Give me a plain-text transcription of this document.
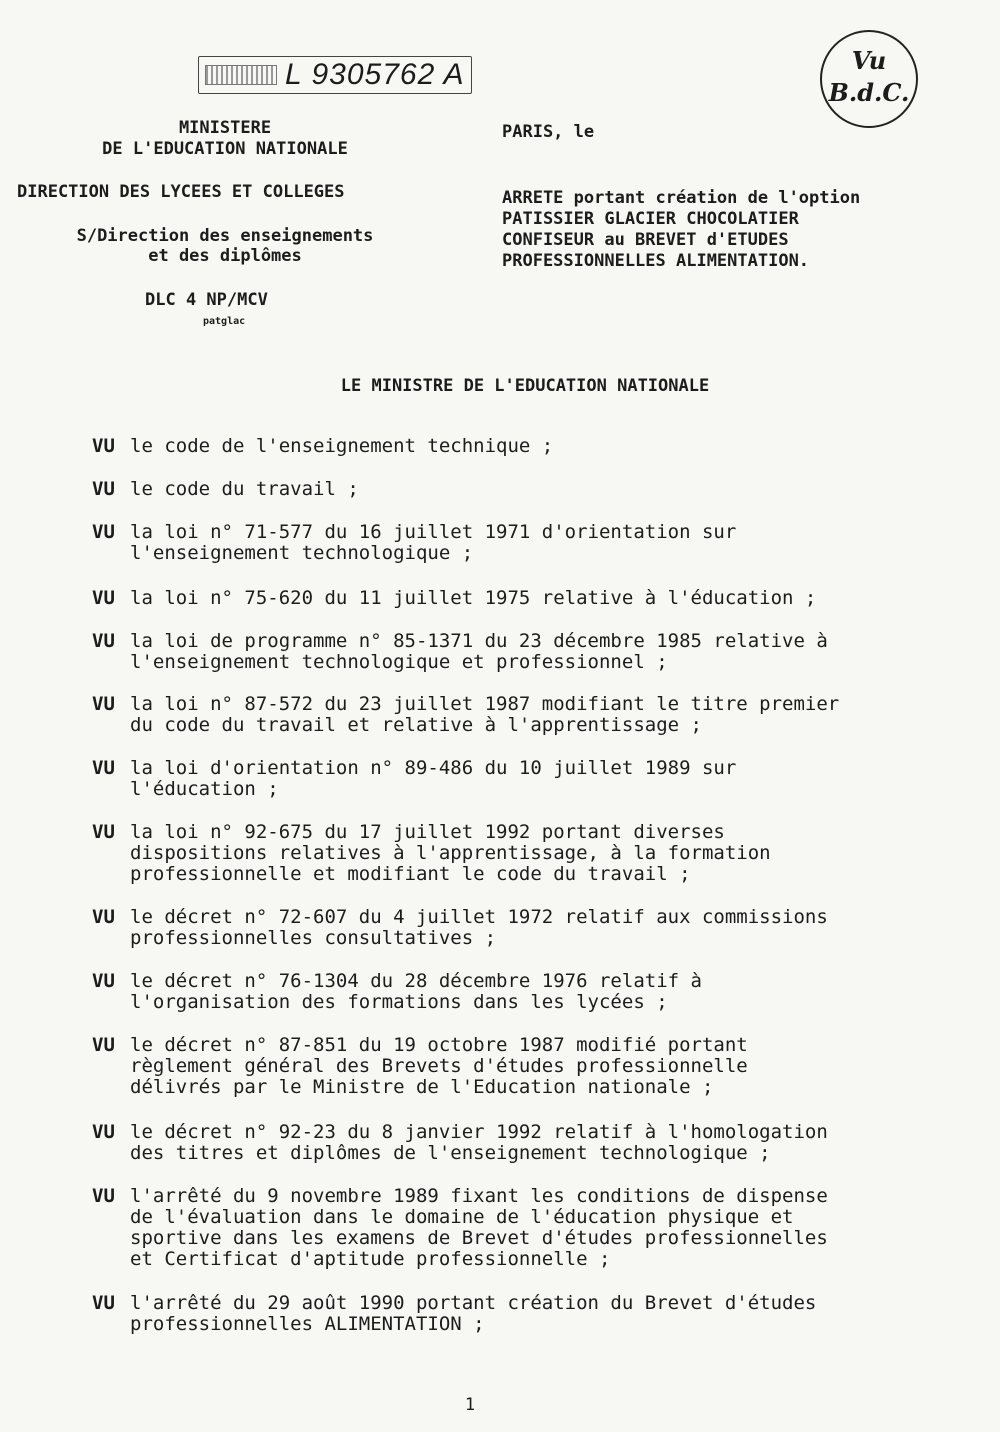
L 9305762 A	Vu
B.d.C.
MINISTERE
DE L'EDUCATION NATIONALE
DIRECTION DES LYCEES ET COLLEGES
S/Direction des enseignements
et des diplômes
DLC 4 NP/MCV
patglac
PARIS, le
ARRETE portant création de l'option
PATISSIER GLACIER CHOCOLATIER
CONFISEUR au BREVET d'ETUDES
PROFESSIONNELLES ALIMENTATION.
LE MINISTRE DE L'EDUCATION NATIONALE
VU le code de l'enseignement technique ;
VU le code du travail ;
VU la loi n° 71-577 du 16 juillet 1971 d'orientation sur
l'enseignement technologique ;
VU la loi n° 75-620 du 11 juillet 1975 relative à l'éducation ;
VU la loi de programme n° 85-1371 du 23 décembre 1985 relative à
l'enseignement technologique et professionnel ;
VU la loi n° 87-572 du 23 juillet 1987 modifiant le titre premier
du code du travail et relative à l'apprentissage ;
VU la loi d'orientation n° 89-486 du 10 juillet 1989 sur
l'éducation ;
VU la loi n° 92-675 du 17 juillet 1992 portant diverses
dispositions relatives à l'apprentissage, à la formation
professionnelle et modifiant le code du travail ;
VU le décret n° 72-607 du 4 juillet 1972 relatif aux commissions
professionnelles consultatives ;
VU le décret n° 76-1304 du 28 décembre 1976 relatif à
l'organisation des formations dans les lycées ;
VU le décret n° 87-851 du 19 octobre 1987 modifié portant
règlement général des Brevets d'études professionnelle
délivrés par le Ministre de l'Education nationale ;
VU le décret n° 92-23 du 8 janvier 1992 relatif à l'homologation
des titres et diplômes de l'enseignement technologique ;
VU l'arrêté du 9 novembre 1989 fixant les conditions de dispense
de l'évaluation dans le domaine de l'éducation physique et
sportive dans les examens de Brevet d'études professionnelles
et Certificat d'aptitude professionnelle ;
VU l'arrêté du 29 août 1990 portant création du Brevet d'études
professionnelles ALIMENTATION ;
1
